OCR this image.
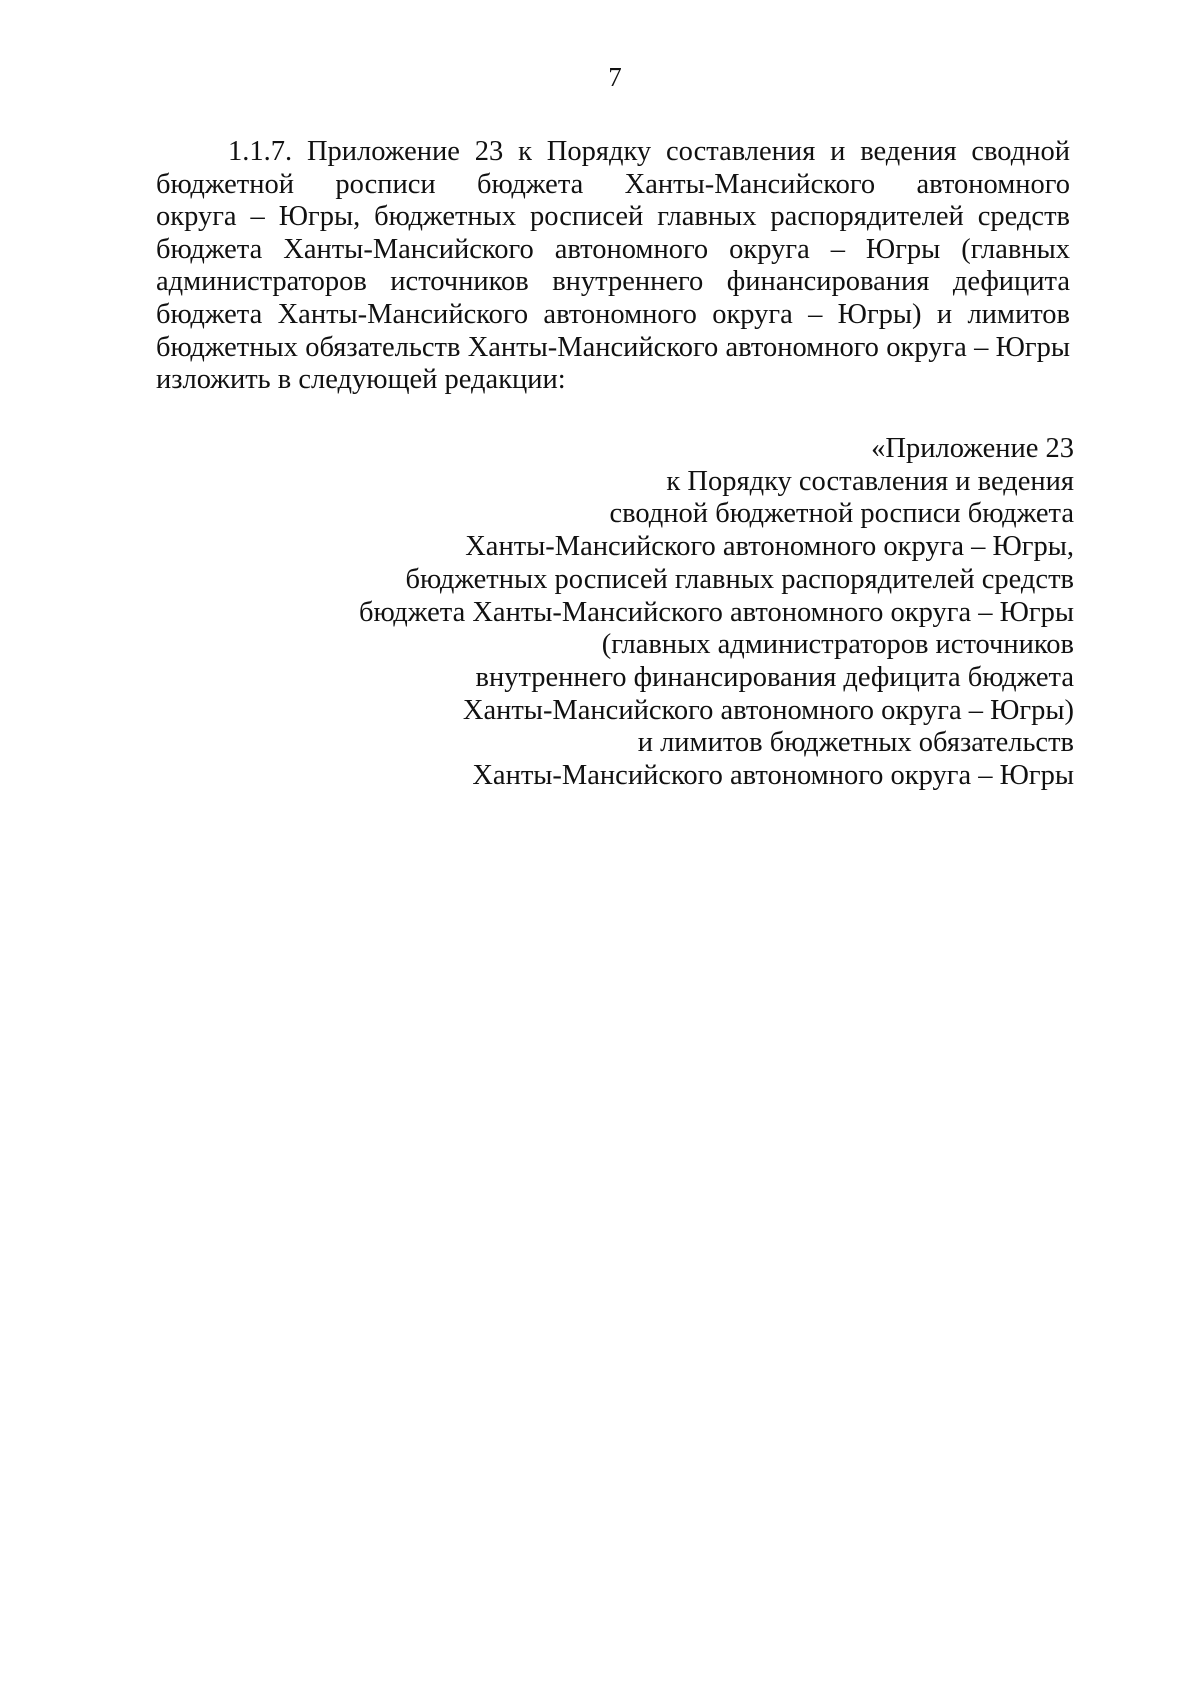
7
1.1.7. Приложение 23 к Порядку составления и ведения сводной
бюджетной росписи бюджета Ханты-Мансийского автономного
округа – Югры, бюджетных росписей главных распорядителей средств
бюджета Ханты-Мансийского автономного округа – Югры (главных
администраторов источников внутреннего финансирования дефицита
бюджета Ханты-Мансийского автономного округа – Югры) и лимитов
бюджетных обязательств Ханты-Мансийского автономного округа – Югры
изложить в следующей редакции:
«Приложение 23
к Порядку составления и ведения
сводной бюджетной росписи бюджета
Ханты-Мансийского автономного округа – Югры,
бюджетных росписей главных распорядителей средств
бюджета Ханты-Мансийского автономного округа – Югры
(главных администраторов источников
внутреннего финансирования дефицита бюджета
Ханты-Мансийского автономного округа – Югры)
и лимитов бюджетных обязательств
Ханты-Мансийского автономного округа – Югры
